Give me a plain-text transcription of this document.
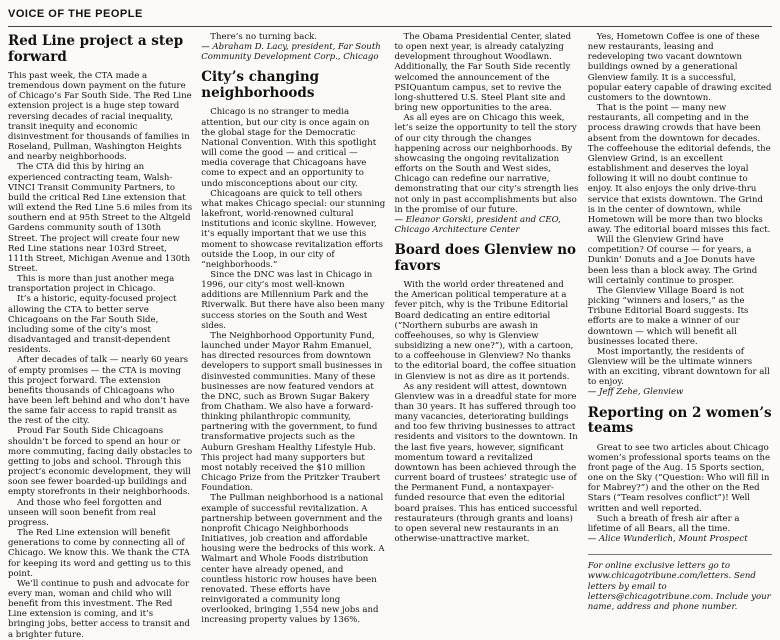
VOICE OF THE PEOPLE
Red Line project a step forward

This past week, the CTA made a tremendous down payment on the future of Chicago’s Far South Side. The Red Line extension project is a huge step toward reversing decades of racial inequality, transit inequity and economic disinvestment for thousands of families in Roseland, Pullman, Washington Heights and nearby neighborhoods.

The CTA did this by hiring an experienced contracting team, Walsh-VINCI Transit Community Partners, to build the critical Red Line extension that will extend the Red Line 5.6 miles from its southern end at 95th Street to the Altgeld Gardens community south of 130th Street. The project will create four new Red Line stations near 103rd Street, 111th Street, Michigan Avenue and 130th Street.

This is more than just another mega transportation project in Chicago.

It’s a historic, equity-focused project allowing the CTA to better serve Chicagoans on the Far South Side, including some of the city’s most disadvantaged and transit-dependent residents.

After decades of talk — nearly 60 years of empty promises — the CTA is moving this project forward. The extension benefits thousands of Chicagoans who have been left behind and who don’t have the same fair access to rapid transit as the rest of the city.

Proud Far South Side Chicagoans shouldn’t be forced to spend an hour or more commuting, facing daily obstacles to getting to jobs and school. Through this project’s economic development, they will soon see fewer boarded-up buildings and empty storefronts in their neighborhoods.

And those who feel forgotten and unseen will soon benefit from real progress.

The Red Line extension will benefit generations to come by connecting all of Chicago. We know this. We thank the CTA for keeping its word and getting us to this point.

We’ll continue to push and advocate for every man, woman and child who will benefit from this investment. The Red Line extension is coming, and it’s bringing jobs, better access to transit and a brighter future.

There’s no turning back.

— Abraham D. Lacy, president, Far South Community Development Corp., Chicago

City’s changing neighborhoods

Chicago is no stranger to media attention, but our city is once again on the global stage for the Democratic National Convention. With this spotlight will come the good — and critical — media coverage that Chicagoans have come to expect and an opportunity to undo misconceptions about our city.

Chicagoans are quick to tell others what makes Chicago special: our stunning lakefront, world-renowned cultural institutions and iconic skyline. However, it’s equally important that we use this moment to showcase revitalization efforts outside the Loop, in our city of “neighborhoods.”

Since the DNC was last in Chicago in 1996, our city’s most well-known additions are Millennium Park and the Riverwalk. But there have also been many success stories on the South and West sides.

The Neighborhood Opportunity Fund, launched under Mayor Rahm Emanuel, has directed resources from downtown developers to support small businesses in disinvested communities. Many of these businesses are now featured vendors at the DNC, such as Brown Sugar Bakery from Chatham. We also have a forward-thinking philanthropic community, partnering with the government, to fund transformative projects such as the Auburn Gresham Healthy Lifestyle Hub. This project had many supporters but most notably received the $10 million Chicago Prize from the Pritzker Traubert Foundation.

The Pullman neighborhood is a national example of successful revitalization. A partnership between government and the nonprofit Chicago Neighborhoods Initiatives, job creation and affordable housing were the bedrocks of this work. A Walmart and Whole Foods distribution center have already opened, and countless historic row houses have been renovated. These efforts have reinvigorated a community long overlooked, bringing 1,554 new jobs and increasing property values by 136%.

The Obama Presidential Center, slated to open next year, is already catalyzing development throughout Woodlawn. Additionally, the Far South Side recently welcomed the announcement of the PSIQuantum campus, set to revive the long-shuttered U.S. Steel Plant site and bring new opportunities to the area.

As all eyes are on Chicago this week, let’s seize the opportunity to tell the story of our city through the changes happening across our neighborhoods. By showcasing the ongoing revitalization efforts on the South and West sides, Chicago can redefine our narrative, demonstrating that our city’s strength lies not only in past accomplishments but also in the promise of our future.

— Eleanor Gorski, president and CEO, Chicago Architecture Center

Board does Glenview no favors

With the world order threatened and the American political temperature at a fever pitch, why is the Tribune Editorial Board dedicating an entire editorial (“Northern suburbs are awash in coffeehouses, so why is Glenview subsidizing a new one?”), with a cartoon, to a coffeehouse in Glenview? No thanks to the editorial board, the coffee situation in Glenview is not as dire as it portends.

As any resident will attest, downtown Glenview was in a dreadful state for more than 30 years. It has suffered through too many vacancies, deteriorating buildings and too few thriving businesses to attract residents and visitors to the downtown. In the last five years, however, significant momentum toward a revitalized downtown has been achieved through the current board of trustees’ strategic use of the Permanent Fund, a nontaxpayer-funded resource that even the editorial board praises. This has enticed successful restaurateurs (through grants and loans) to open several new restaurants in an otherwise-unattractive market.

Yes, Hometown Coffee is one of these new restaurants, leasing and redeveloping two vacant downtown buildings owned by a generational Glenview family. It is a successful, popular eatery capable of drawing excited customers to the downtown.

That is the point — many new restaurants, all competing and in the process drawing crowds that have been absent from the downtown for decades. The coffeehouse the editorial defends, the Glenview Grind, is an excellent establishment and deserves the loyal following it will no doubt continue to enjoy. It also enjoys the only drive-thru service that exists downtown. The Grind is in the center of downtown, while Hometown will be more than two blocks away. The editorial board misses this fact.

Will the Glenview Grind have competition? Of course — for years, a Dunkin’ Donuts and a Joe Donuts have been less than a block away. The Grind will certainly continue to prosper.

The Glenview Village Board is not picking “winners and losers,” as the Tribune Editorial Board suggests. Its efforts are to make a winner of our downtown — which will benefit all businesses located there.

Most importantly, the residents of Glenview will be the ultimate winners with an exciting, vibrant downtown for all to enjoy.

— Jeff Zehe, Glenview

Reporting on 2 women’s teams

Great to see two articles about Chicago women’s professional sports teams on the front page of the Aug. 15 Sports section, one on the Sky (“Question: Who will fill in for Mabrey?”) and the other on the Red Stars (“Team resolves conflict”)! Well written and well reported.

Such a breath of fresh air after a lifetime of all Bears, all the time.

— Alice Wunderlich, Mount Prospect

For online exclusive letters go to www.chicagotribune.com/letters. Send letters by email to letters@chicagotribune.com. Include your name, address and phone number.
